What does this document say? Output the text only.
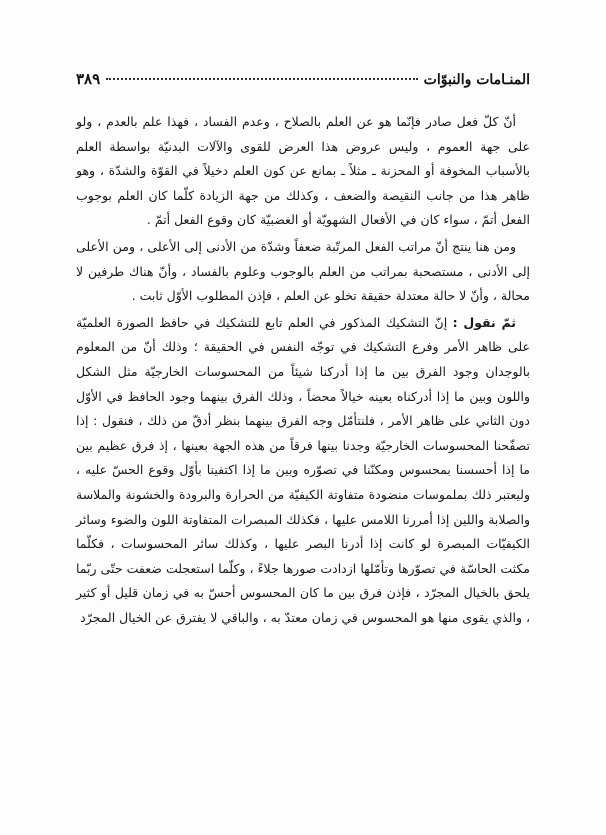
المنـامات والنبوّات
٣٨٩

أنّ كلّ فعل صادر فإنّما هو عن العلم بالصلاح ، وعدم الفساد ، فهذا علم بالعدم ، ولو على جهة العموم ، وليس عروض هذا العرض للقوى والآلات البدنيّة بواسطة العلم بالأسباب المخوفة أو المحزنة ـ مثلاً ـ بمانع عن كون العلم دخيلاً في القوّة والشدّة ، وهو ظاهر هذا من جانب النقيصة والضعف ، وكذلك من جهة الزيادة كلّما كان العلم بوجوب الفعل أتمّ ، سواء كان في الأفعال الشهويّة أو الغضبيّة كان وقوع الفعل أتمّ .

ومن هنا ينتج أنّ مراتب الفعل المرتّبة ضعفاً وشدّة من الأدنى إلى الأعلى ، ومن الأعلى إلى الأدنى ، مستصحبة بمراتب من العلم بالوجوب وعلوم بالفساد ، وأنّ هناك طرفين لا محالة ، وأنّ لا حالة معتدلة حقيقة تخلو عن العلم ، فإذن المطلوب الأوّل ثابت .

ثمّ نقول : إنّ التشكيك المذكور في العلم تابع للتشكيك في حافظ الصورة العلميّة على ظاهر الأمر وفرع التشكيك في توجّه النفس في الحقيقة ؛ وذلك أنّ من المعلوم بالوجدان وجود الفرق بين ما إذا أدركنا شيئاً من المحسوسات الخارجيّة مثل الشكل واللون وبين ما إذا أدركناه بعينه خيالاً محضاً ، وذلك الفرق بينهما وجود الحافظ في الأوّل دون الثاني على ظاهر الأمر ، فلنتأمّل وجه الفرق بينهما بنظر أدقّ من ذلك ، فنقول : إذا تصفّحنا المحسوسات الخارجيّة وجدنا بينها فرقاً من هذه الجهة بعينها ، إذ فرق عظيم بين ما إذا أحسسنا بمحسوس ومكنّنا في تصوّره وبين ما إذا اكتفينا بأوّل وقوع الحسّ عليه ، وليعتبر ذلك بملموسات منضودة متفاوتة الكيفيّة من الحرارة والبرودة والخشونة والملاسة والصلابة واللين إذا أمررنا اللامس عليها ، فكذلك المبصرات المتفاوتة اللون والضوء وسائر الكيفيّات المبصرة لو كانت إذا أدرنا البصر عليها ، وكذلك سائر المحسوسات ، فكلّما مكثت الحاسّة في تصوّرها وتأمّلها ازدادت صورها جلاءً ، وكلّما استعجلت ضعفت حتّى ربّما يلحق بالخيال المجرّد ، فإذن فرق بين ما كان المحسوس أحسّ به في زمان قليل أو كثير ، والذي يقوى منها هو المحسوس في زمان معتدّ به ، والباقي لا يفترق عن الخيال المجرّد
